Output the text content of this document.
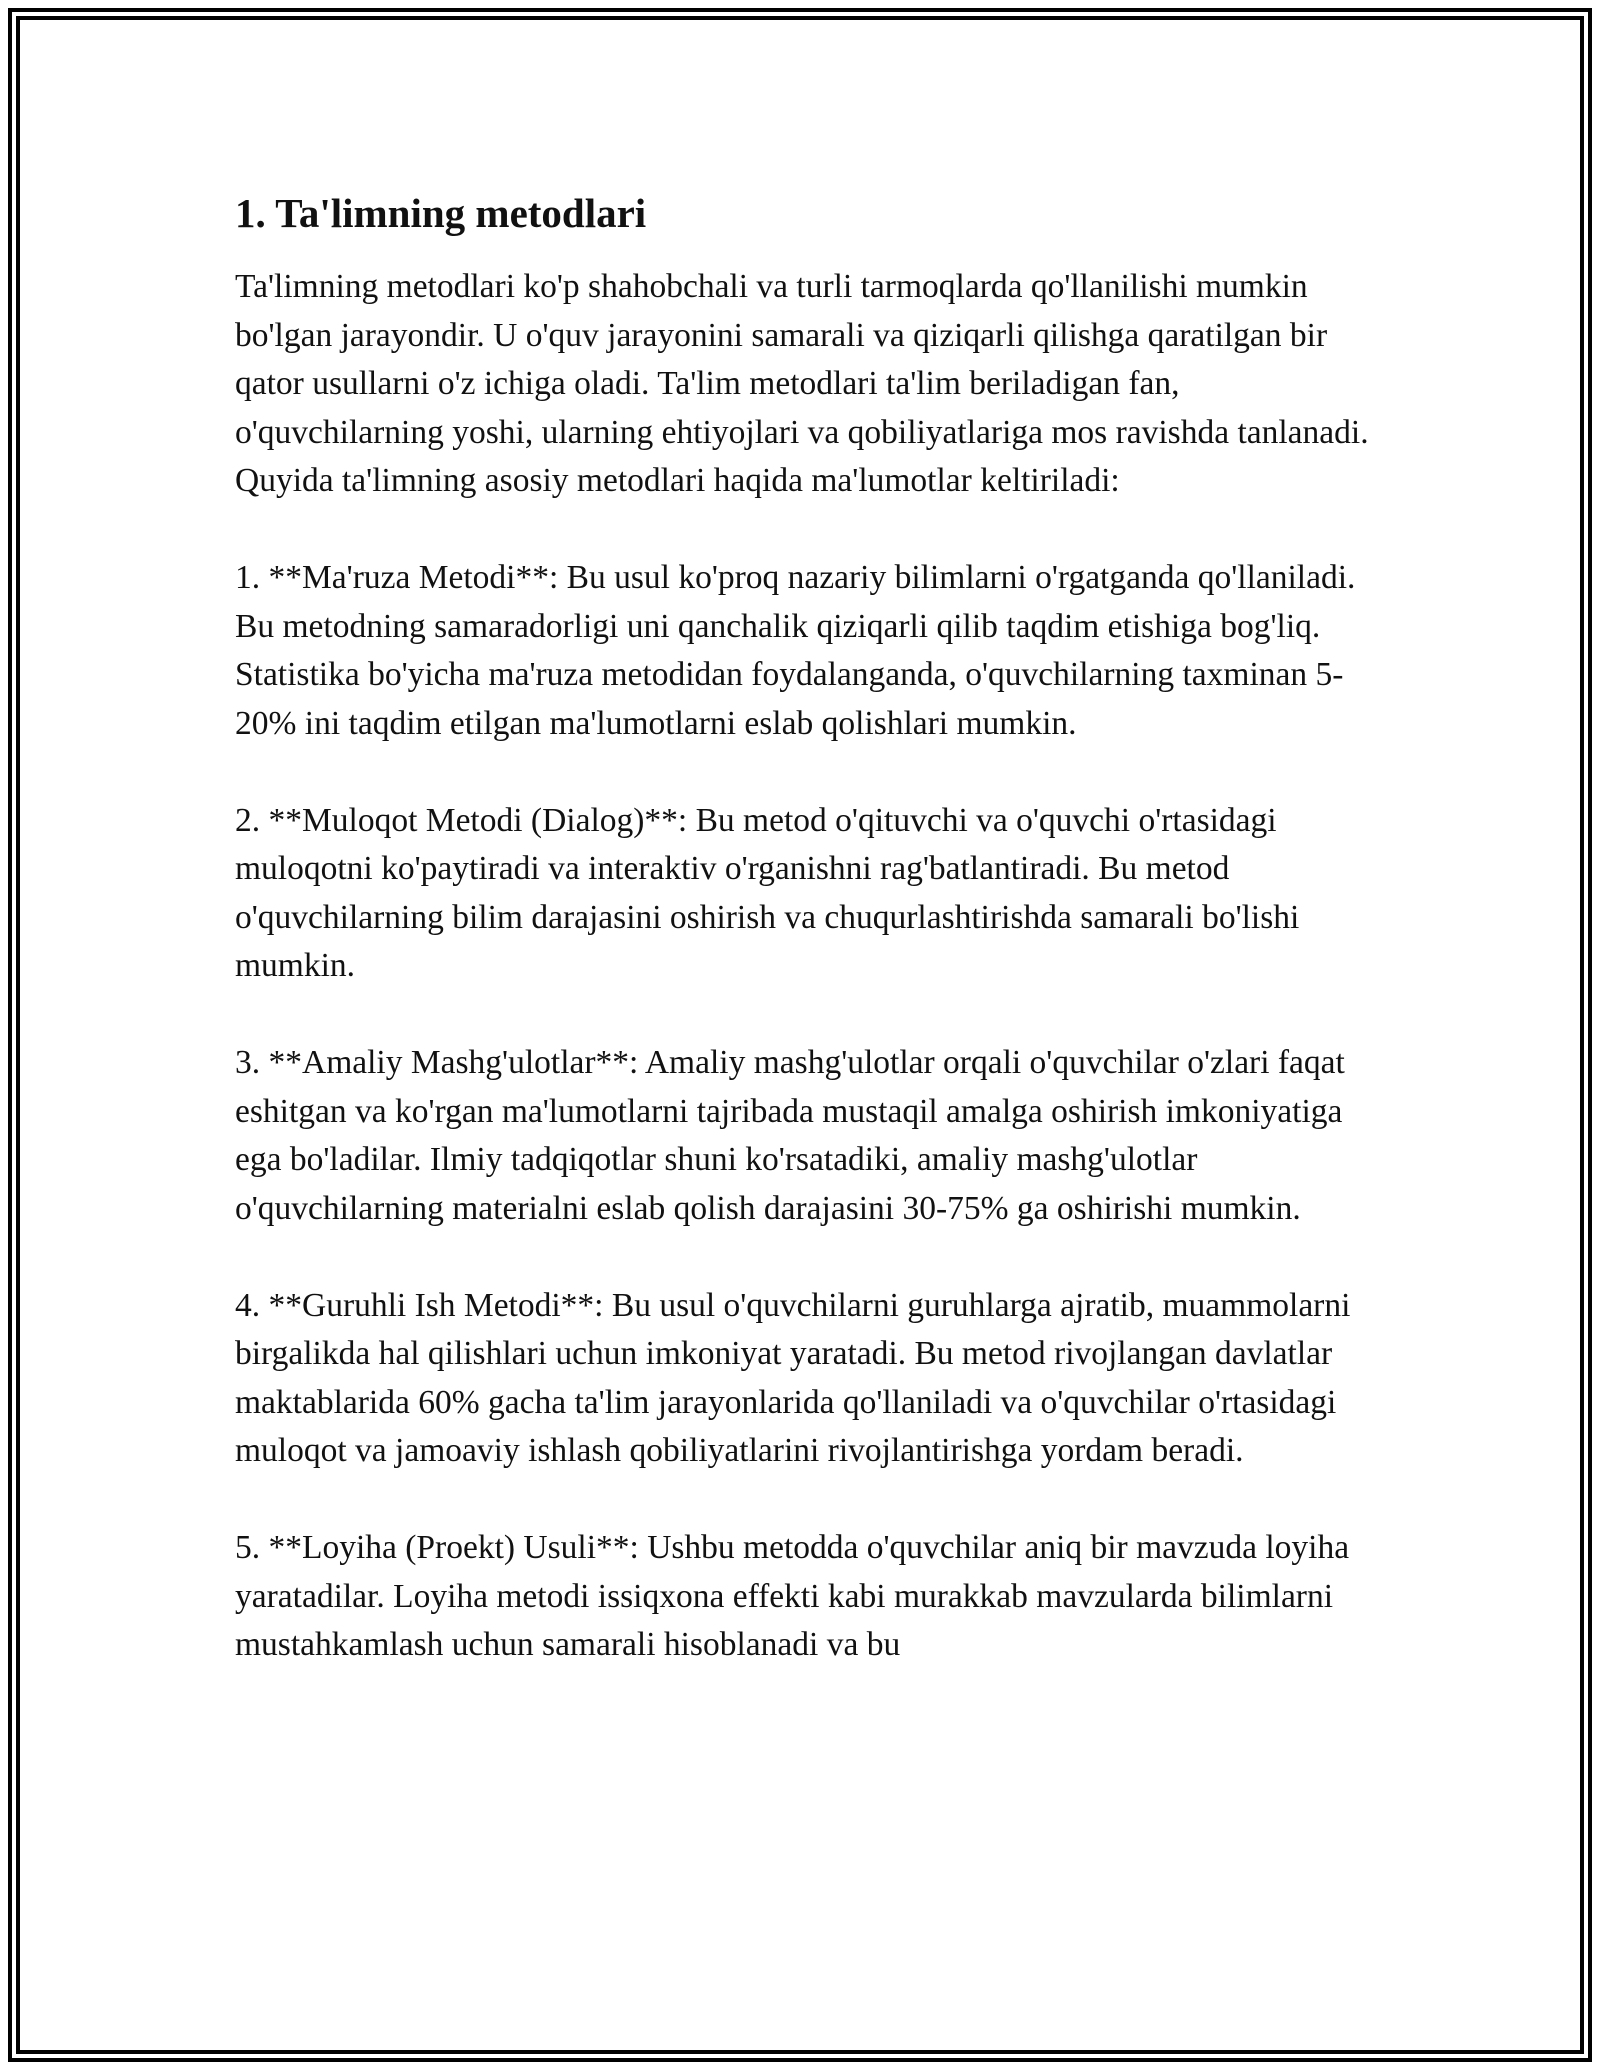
1. Ta'limning metodlari

Ta'limning metodlari ko'p shahobchali va turli tarmoqlarda qo'llanilishi mumkin bo'lgan jarayondir. U o'quv jarayonini samarali va qiziqarli qilishga qaratilgan bir qator usullarni o'z ichiga oladi. Ta'lim metodlari ta'lim beriladigan fan, o'quvchilarning yoshi, ularning ehtiyojlari va qobiliyatlariga mos ravishda tanlanadi. Quyida ta'limning asosiy metodlari haqida ma'lumotlar keltiriladi:

1. **Ma'ruza Metodi**: Bu usul ko'proq nazariy bilimlarni o'rgatganda qo'llaniladi. Bu metodning samaradorligi uni qanchalik qiziqarli qilib taqdim etishiga bog'liq. Statistika bo'yicha ma'ruza metodidan foydalanganda, o'quvchilarning taxminan 5-20% ini taqdim etilgan ma'lumotlarni eslab qolishlari mumkin.

2. **Muloqot Metodi (Dialog)**: Bu metod o'qituvchi va o'quvchi o'rtasidagi muloqotni ko'paytiradi va interaktiv o'rganishni rag'batlantiradi. Bu metod o'quvchilarning bilim darajasini oshirish va chuqurlashtirishda samarali bo'lishi mumkin.

3. **Amaliy Mashg'ulotlar**: Amaliy mashg'ulotlar orqali o'quvchilar o'zlari faqat eshitgan va ko'rgan ma'lumotlarni tajribada mustaqil amalga oshirish imkoniyatiga ega bo'ladilar. Ilmiy tadqiqotlar shuni ko'rsatadiki, amaliy mashg'ulotlar o'quvchilarning materialni eslab qolish darajasini 30-75% ga oshirishi mumkin.

4. **Guruhli Ish Metodi**: Bu usul o'quvchilarni guruhlarga ajratib, muammolarni birgalikda hal qilishlari uchun imkoniyat yaratadi. Bu metod rivojlangan davlatlar maktablarida 60% gacha ta'lim jarayonlarida qo'llaniladi va o'quvchilar o'rtasidagi muloqot va jamoaviy ishlash qobiliyatlarini rivojlantirishga yordam beradi.

5. **Loyiha (Proekt) Usuli**: Ushbu metodda o'quvchilar aniq bir mavzuda loyiha yaratadilar. Loyiha metodi issiqxona effekti kabi murakkab mavzularda bilimlarni mustahkamlash uchun samarali hisoblanadi va bu
